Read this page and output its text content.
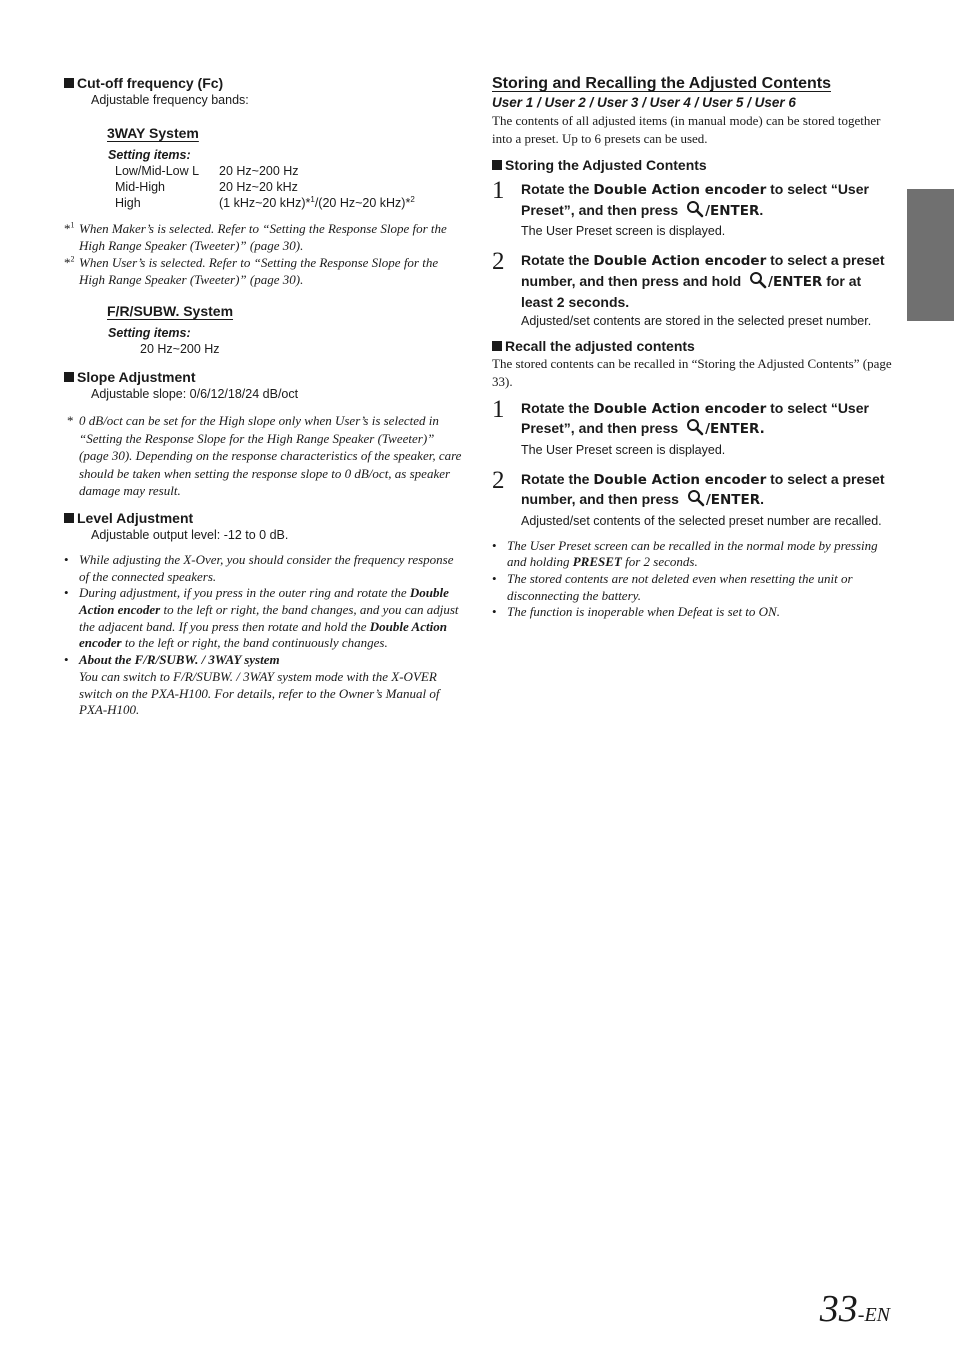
Cut-off frequency (Fc)
Adjustable frequency bands:
3WAY System
Setting items:
Low/Mid-Low L	20 Hz~200 Hz
Mid-High	20 Hz~20 kHz
High	(1 kHz~20 kHz)*$^1$/(20 Hz~20 kHz)*$^2$
*$^1$ When Maker’s is selected. Refer to “Setting the Response Slope for the High Range Speaker (Tweeter)” (page 30).
*$^2$ When User’s is selected. Refer to “Setting the Response Slope for the High Range Speaker (Tweeter)” (page 30).
F/R/SUBW. System
Setting items:
20 Hz~200 Hz
Slope Adjustment
Adjustable slope: 0/6/12/18/24 dB/oct
* 0 dB/oct can be set for the High slope only when User’s is selected in “Setting the Response Slope for the High Range Speaker (Tweeter)” (page 30). Depending on the response characteristics of the speaker, care should be taken when setting the response slope to 0 dB/oct, as speaker damage may result.
Level Adjustment
Adjustable output level: -12 to 0 dB.
• While adjusting the X-Over, you should consider the frequency response of the connected speakers.
• During adjustment, if you press in the outer ring and rotate the Double Action encoder to the left or right, the band changes, and you can adjust the adjacent band. If you press then rotate and hold the Double Action encoder to the left or right, the band continuously changes.
• About the F/R/SUBW. / 3WAY system
You can switch to F/R/SUBW. / 3WAY system mode with the X-OVER switch on the PXA-H100. For details, refer to the Owner’s Manual of PXA-H100.
Storing and Recalling the Adjusted Contents
User 1 / User 2 / User 3 / User 4 / User 5 / User 6
The contents of all adjusted items (in manual mode) can be stored together into a preset. Up to 6 presets can be used.
Storing the Adjusted Contents
1 Rotate the Double Action encoder to select “User Preset”, and then press /ENTER.
The User Preset screen is displayed.
2 Rotate the Double Action encoder to select a preset number, and then press and hold /ENTER for at least 2 seconds.
Adjusted/set contents are stored in the selected preset number.
Recall the adjusted contents
The stored contents can be recalled in “Storing the Adjusted Contents” (page 33).
1 Rotate the Double Action encoder to select “User Preset”, and then press /ENTER.
The User Preset screen is displayed.
2 Rotate the Double Action encoder to select a preset number, and then press /ENTER.
Adjusted/set contents of the selected preset number are recalled.
• The User Preset screen can be recalled in the normal mode by pressing and holding PRESET for 2 seconds.
• The stored contents are not deleted even when resetting the unit or disconnecting the battery.
• The function is inoperable when Defeat is set to ON.
33-EN
